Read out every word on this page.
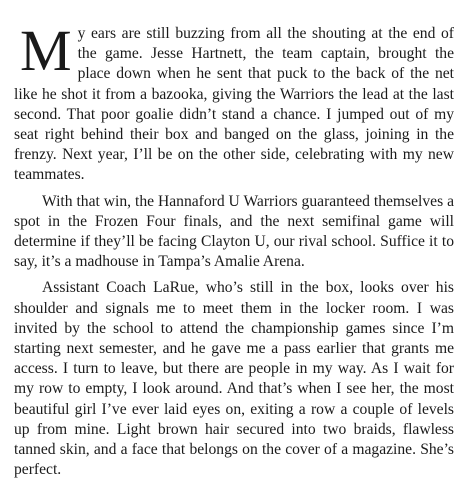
My ears are still buzzing from all the shouting at the end of the game. Jesse Hartnett, the team captain, brought the place down when he sent that puck to the back of the net like he shot it from a bazooka, giving the Warriors the lead at the last second. That poor goalie didn’t stand a chance. I jumped out of my seat right behind their box and banged on the glass, joining in the frenzy. Next year, I’ll be on the other side, celebrating with my new teammates.

With that win, the Hannaford U Warriors guaranteed themselves a spot in the Frozen Four finals, and the next semifinal game will determine if they’ll be facing Clayton U, our rival school. Suffice it to say, it’s a madhouse in Tampa’s Amalie Arena.

Assistant Coach LaRue, who’s still in the box, looks over his shoulder and signals me to meet them in the locker room. I was invited by the school to attend the championship games since I’m starting next semester, and he gave me a pass earlier that grants me access. I turn to leave, but there are people in my way. As I wait for my row to empty, I look around. And that’s when I see her, the most beautiful girl I’ve ever laid eyes on, exiting a row a couple of levels up from mine. Light brown hair secured into two braids, flawless tanned skin, and a face that belongs on the cover of a magazine. She’s perfect.
